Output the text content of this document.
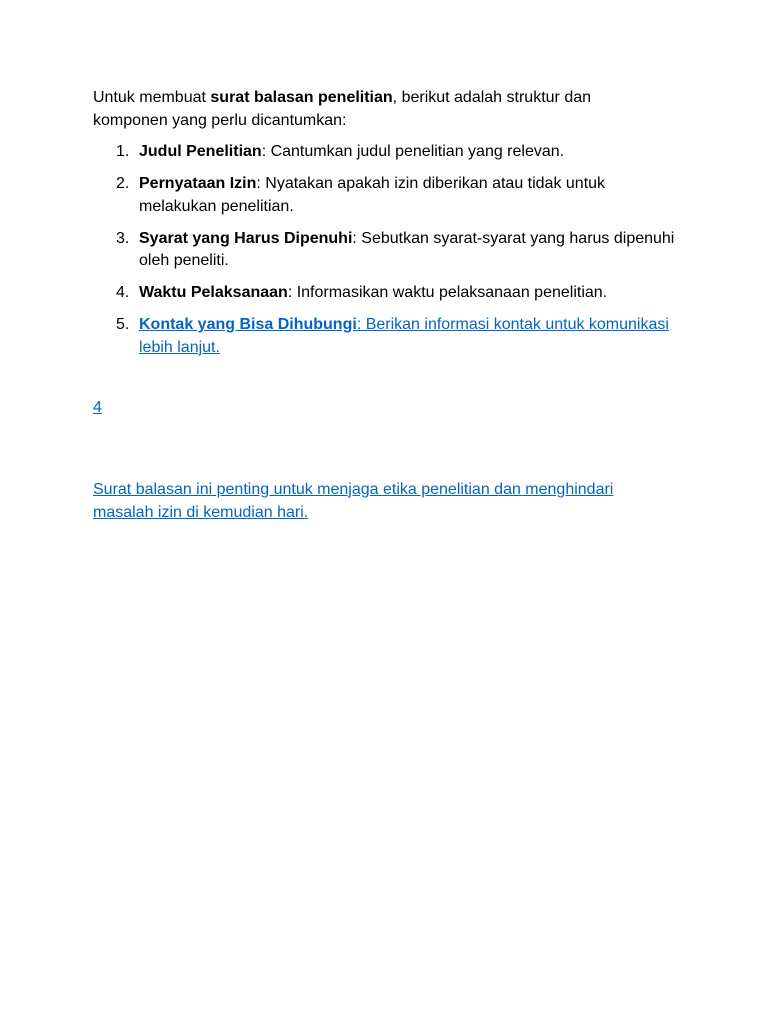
Untuk membuat surat balasan penelitian, berikut adalah struktur dan komponen yang perlu dicantumkan:

1. Judul Penelitian: Cantumkan judul penelitian yang relevan.
2. Pernyataan Izin: Nyatakan apakah izin diberikan atau tidak untuk melakukan penelitian.
3. Syarat yang Harus Dipenuhi: Sebutkan syarat-syarat yang harus dipenuhi oleh peneliti.
4. Waktu Pelaksanaan: Informasikan waktu pelaksanaan penelitian.
5. Kontak yang Bisa Dihubungi: Berikan informasi kontak untuk komunikasi lebih lanjut.
4

Surat balasan ini penting untuk menjaga etika penelitian dan menghindari masalah izin di kemudian hari.
